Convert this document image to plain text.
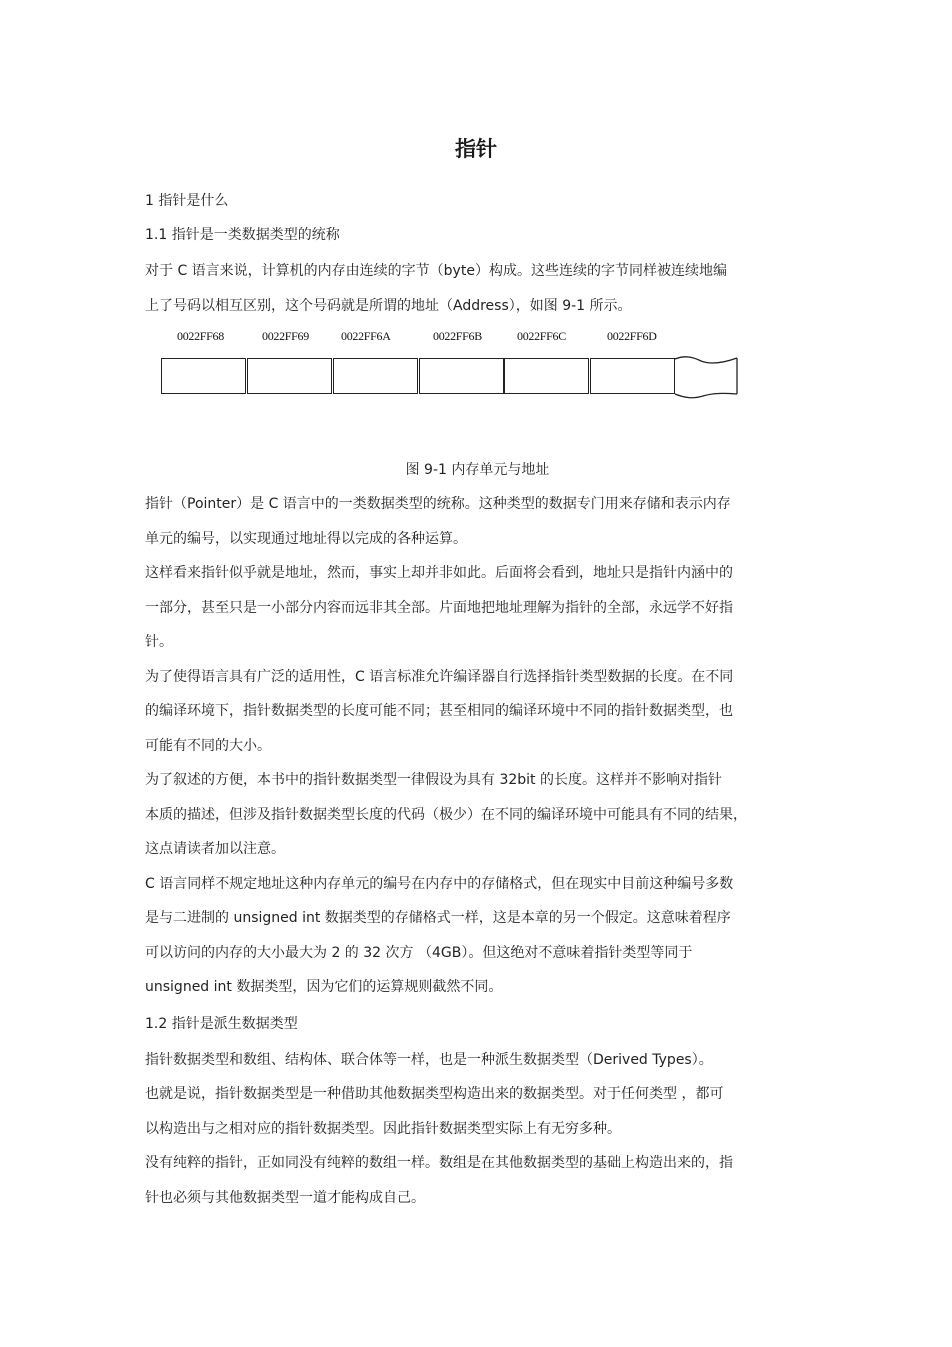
指针
1 指针是什么
1.1 指针是一类数据类型的统称
对于 C 语言来说，计算机的内存由连续的字节（byte）构成。这些连续的字节同样被连续地编
上了号码以相互区别，这个号码就是所谓的地址（Address），如图 9-1 所示。
0022FF68	0022FF69	0022FF6A	0022FF6B	0022FF6C	0022FF6D
图 9-1 内存单元与地址
指针（Pointer）是 C 语言中的一类数据类型的统称。这种类型的数据专门用来存储和表示内存
单元的编号，以实现通过地址得以完成的各种运算。
这样看来指针似乎就是地址，然而，事实上却并非如此。后面将会看到，地址只是指针内涵中的
一部分，甚至只是一小部分内容而远非其全部。片面地把地址理解为指针的全部，永远学不好指
针。
为了使得语言具有广泛的适用性，C 语言标准允许编译器自行选择指针类型数据的长度。在不同
的编译环境下，指针数据类型的长度可能不同；甚至相同的编译环境中不同的指针数据类型，也
可能有不同的大小。
为了叙述的方便，本书中的指针数据类型一律假设为具有 32bit 的长度。这样并不影响对指针
本质的描述，但涉及指针数据类型长度的代码（极少）在不同的编译环境中可能具有不同的结果，
这点请读者加以注意。
C 语言同样不规定地址这种内存单元的编号在内存中的存储格式，但在现实中目前这种编号多数
是与二进制的 unsigned int 数据类型的存储格式一样，这是本章的另一个假定。这意味着程序
可以访问的内存的大小最大为 2 的 32 次方 （4GB）。但这绝对不意味着指针类型等同于
unsigned int 数据类型，因为它们的运算规则截然不同。
1.2 指针是派生数据类型
指针数据类型和数组、结构体、联合体等一样，也是一种派生数据类型（Derived Types）。
也就是说，指针数据类型是一种借助其他数据类型构造出来的数据类型。对于任何类型 ，都可
以构造出与之相对应的指针数据类型。因此指针数据类型实际上有无穷多种。
没有纯粹的指针，正如同没有纯粹的数组一样。数组是在其他数据类型的基础上构造出来的，指
针也必须与其他数据类型一道才能构成自己。
